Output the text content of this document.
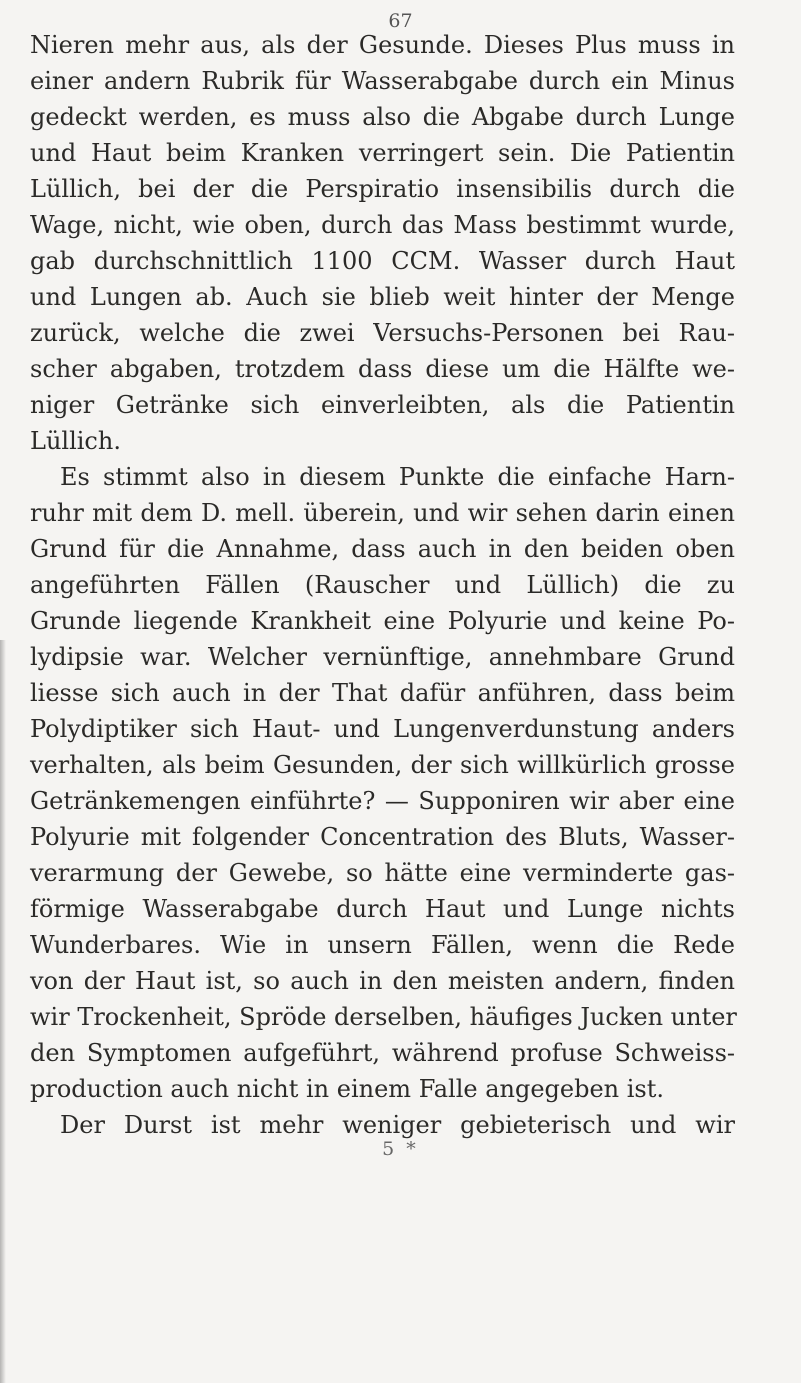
67
Nieren mehr aus, als der Gesunde. Dieses Plus muss in
einer andern Rubrik für Wasserabgabe durch ein Minus
gedeckt werden, es muss also die Abgabe durch Lunge
und Haut beim Kranken verringert sein. Die Patientin
Lüllich, bei der die Perspiratio insensibilis durch die
Wage, nicht, wie oben, durch das Mass bestimmt wurde,
gab durchschnittlich 1100 CCM. Wasser durch Haut
und Lungen ab. Auch sie blieb weit hinter der Menge
zurück, welche die zwei Versuchs-Personen bei Rau-
scher abgaben, trotzdem dass diese um die Hälfte we-
niger Getränke sich einverleibten, als die Patientin
Lüllich.
Es stimmt also in diesem Punkte die einfache Harn-
ruhr mit dem D. mell. überein, und wir sehen darin einen
Grund für die Annahme, dass auch in den beiden oben
angeführten Fällen (Rauscher und Lüllich) die zu
Grunde liegende Krankheit eine Polyurie und keine Po-
lydipsie war. Welcher vernünftige, annehmbare Grund
liesse sich auch in der That dafür anführen, dass beim
Polydiptiker sich Haut- und Lungenverdunstung anders
verhalten, als beim Gesunden, der sich willkürlich grosse
Getränkemengen einführte? — Supponiren wir aber eine
Polyurie mit folgender Concentration des Bluts, Wasser-
verarmung der Gewebe, so hätte eine verminderte gas-
förmige Wasserabgabe durch Haut und Lunge nichts
Wunderbares. Wie in unsern Fällen, wenn die Rede
von der Haut ist, so auch in den meisten andern, finden
wir Trockenheit, Spröde derselben, häufiges Jucken unter
den Symptomen aufgeführt, während profuse Schweiss-
production auch nicht in einem Falle angegeben ist.
Der Durst ist mehr weniger gebieterisch und wir
5 *
